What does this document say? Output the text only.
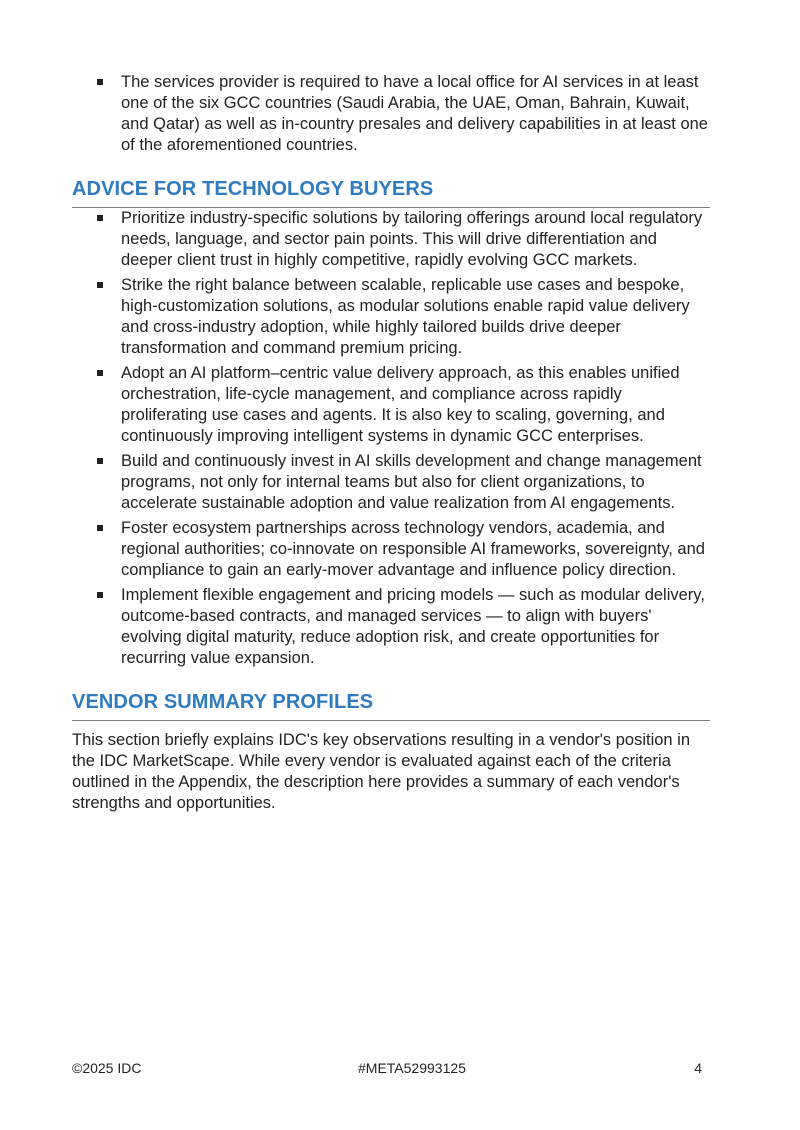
The services provider is required to have a local office for AI services in at least one of the six GCC countries (Saudi Arabia, the UAE, Oman, Bahrain, Kuwait, and Qatar) as well as in-country presales and delivery capabilities in at least one of the aforementioned countries.
ADVICE FOR TECHNOLOGY BUYERS
Prioritize industry-specific solutions by tailoring offerings around local regulatory needs, language, and sector pain points. This will drive differentiation and deeper client trust in highly competitive, rapidly evolving GCC markets.
Strike the right balance between scalable, replicable use cases and bespoke, high-customization solutions, as modular solutions enable rapid value delivery and cross-industry adoption, while highly tailored builds drive deeper transformation and command premium pricing.
Adopt an AI platform–centric value delivery approach, as this enables unified orchestration, life-cycle management, and compliance across rapidly proliferating use cases and agents. It is also key to scaling, governing, and continuously improving intelligent systems in dynamic GCC enterprises.
Build and continuously invest in AI skills development and change management programs, not only for internal teams but also for client organizations, to accelerate sustainable adoption and value realization from AI engagements.
Foster ecosystem partnerships across technology vendors, academia, and regional authorities; co-innovate on responsible AI frameworks, sovereignty, and compliance to gain an early-mover advantage and influence policy direction.
Implement flexible engagement and pricing models — such as modular delivery, outcome-based contracts, and managed services — to align with buyers' evolving digital maturity, reduce adoption risk, and create opportunities for recurring value expansion.
VENDOR SUMMARY PROFILES

This section briefly explains IDC's key observations resulting in a vendor's position in the IDC MarketScape. While every vendor is evaluated against each of the criteria outlined in the Appendix, the description here provides a summary of each vendor's strengths and opportunities.

©2025 IDC	#META52993125	4
